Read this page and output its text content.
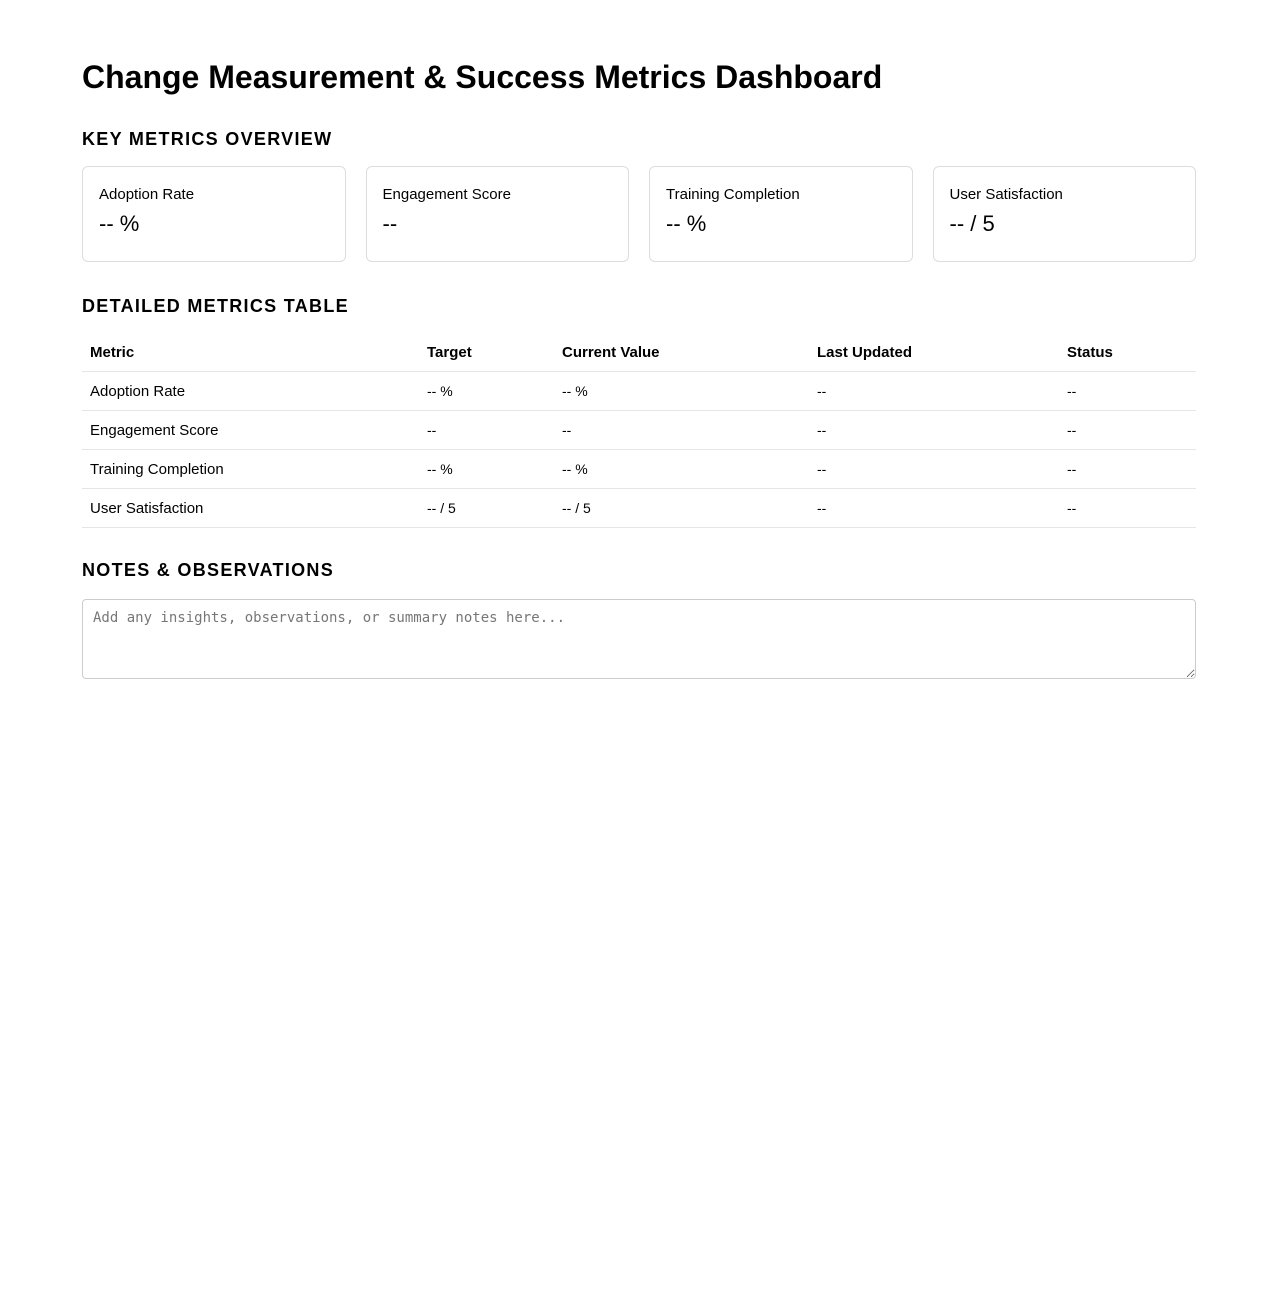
Change Measurement & Success Metrics Dashboard
KEY METRICS OVERVIEW
Adoption Rate
-- %
Engagement Score
--
Training Completion
-- %
User Satisfaction
-- / 5
DETAILED METRICS TABLE
Metric	Target	Current Value	Last Updated	Status
Adoption Rate	-- %	-- %	--	--
Engagement Score	--	--	--	--
Training Completion	-- %	-- %	--	--
User Satisfaction	-- / 5	-- / 5	--	--
NOTES & OBSERVATIONS
Add any insights, observations, or summary notes here...
